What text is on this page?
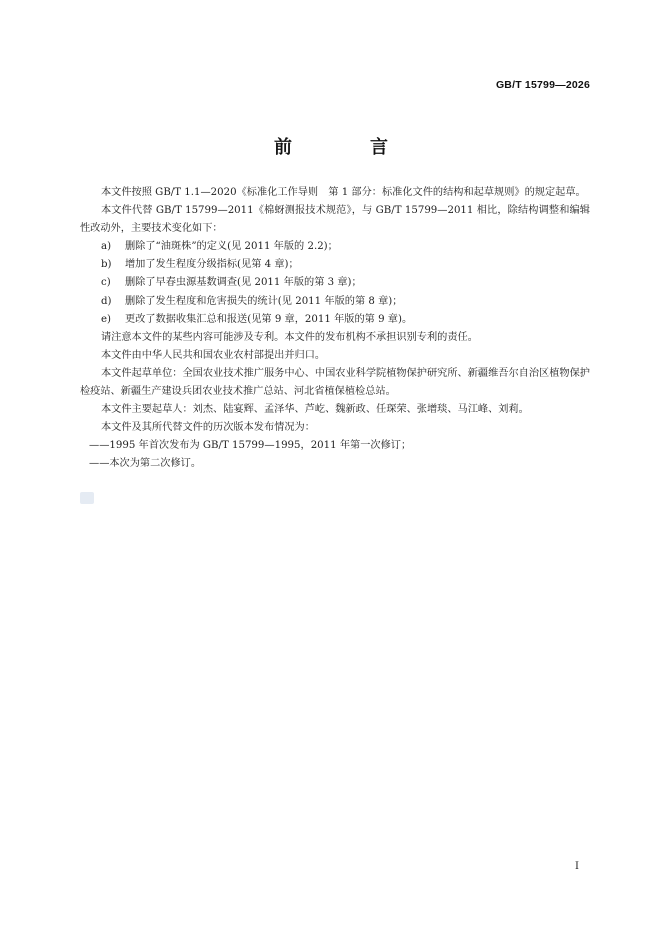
GB/T 15799—2026
前　言

本文件按照 GB/T 1.1—2020《标准化工作导则　第 1 部分：标准化文件的结构和起草规则》的规定起草。

本文件代替 GB/T 15799—2011《棉蚜测报技术规范》，与 GB/T 15799—2011 相比，除结构调整和编辑性改动外，主要技术变化如下：

a) 删除了“油斑株”的定义(见 2011 年版的 2.2)；
b) 增加了发生程度分级指标(见第 4 章)；
c) 删除了早春虫源基数调查(见 2011 年版的第 3 章)；
d) 删除了发生程度和危害损失的统计(见 2011 年版的第 8 章)；
e) 更改了数据收集汇总和报送(见第 9 章，2011 年版的第 9 章)。

请注意本文件的某些内容可能涉及专利。本文件的发布机构不承担识别专利的责任。

本文件由中华人民共和国农业农村部提出并归口。

本文件起草单位：全国农业技术推广服务中心、中国农业科学院植物保护研究所、新疆维吾尔自治区植物保护检疫站、新疆生产建设兵团农业技术推广总站、河北省植保植检总站。

本文件主要起草人：刘杰、陆宴辉、孟泽华、芦屹、魏新政、任琛荣、张增琰、马江峰、刘莉。

本文件及其所代替文件的历次版本发布情况为：

——1995 年首次发布为 GB/T 15799—1995，2011 年第一次修订；
——本次为第二次修订。
I
